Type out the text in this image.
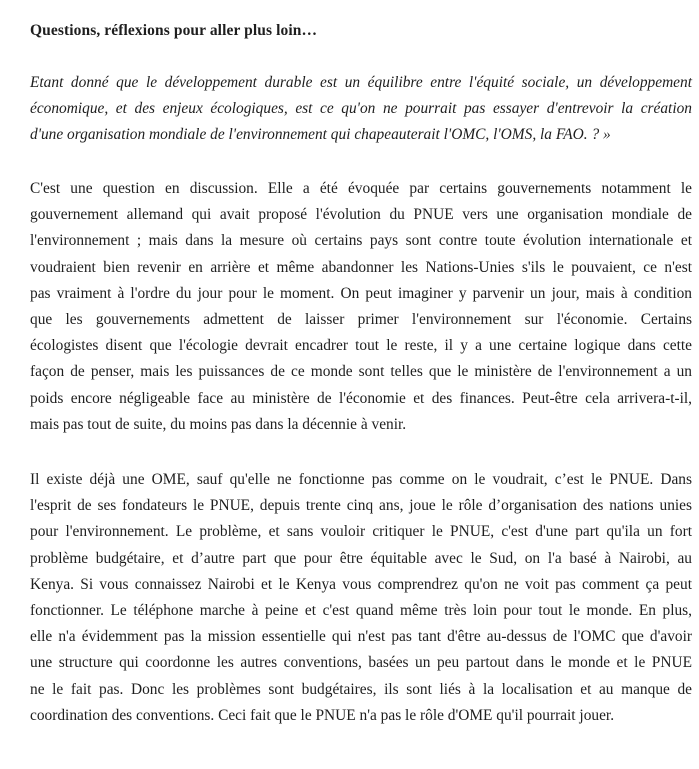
Questions, réflexions pour aller plus loin…
Etant donné que le développement durable est un équilibre entre l'équité sociale, un développement
économique, et des enjeux écologiques, est ce qu'on ne pourrait pas essayer d'entrevoir la création
d'une organisation mondiale de l'environnement qui chapeauterait l'OMC, l'OMS, la FAO. ? »
C'est une question en discussion. Elle a été évoquée par certains gouvernements notamment le
gouvernement allemand qui avait proposé l'évolution du PNUE vers une organisation mondiale de
l'environnement ; mais dans la mesure où certains pays sont contre toute évolution internationale et
voudraient bien revenir en arrière et même abandonner les Nations-Unies s'ils le pouvaient, ce n'est
pas vraiment à l'ordre du jour pour le moment. On peut imaginer y parvenir un jour, mais à condition
que les gouvernements admettent de laisser primer l'environnement sur l'économie. Certains
écologistes disent que l'écologie devrait encadrer tout le reste, il y a une certaine logique dans cette
façon de penser, mais les puissances de ce monde sont telles que le ministère de l'environnement a un
poids encore négligeable face au ministère de l'économie et des finances. Peut-être cela arrivera-t-il,
mais pas tout de suite, du moins pas dans la décennie à venir.
Il existe déjà une OME, sauf qu'elle ne fonctionne pas comme on le voudrait, c’est le PNUE. Dans
l'esprit de ses fondateurs le PNUE, depuis trente cinq ans, joue le rôle d’organisation des nations unies
pour l'environnement. Le problème, et sans vouloir critiquer le PNUE, c'est d'une part qu'ila un fort
problème budgétaire, et d’autre part que pour être équitable avec le Sud, on l'a basé à Nairobi, au
Kenya. Si vous connaissez Nairobi et le Kenya vous comprendrez qu'on ne voit pas comment ça peut
fonctionner. Le téléphone marche à peine et c'est quand même très loin pour tout le monde. En plus,
elle n'a évidemment pas la mission essentielle qui n'est pas tant d'être au-dessus de l'OMC que d'avoir
une structure qui coordonne les autres conventions, basées un peu partout dans le monde et le PNUE
ne le fait pas. Donc les problèmes sont budgétaires, ils sont liés à la localisation et au manque de
coordination des conventions. Ceci fait que le PNUE n'a pas le rôle d'OME qu'il pourrait jouer.
